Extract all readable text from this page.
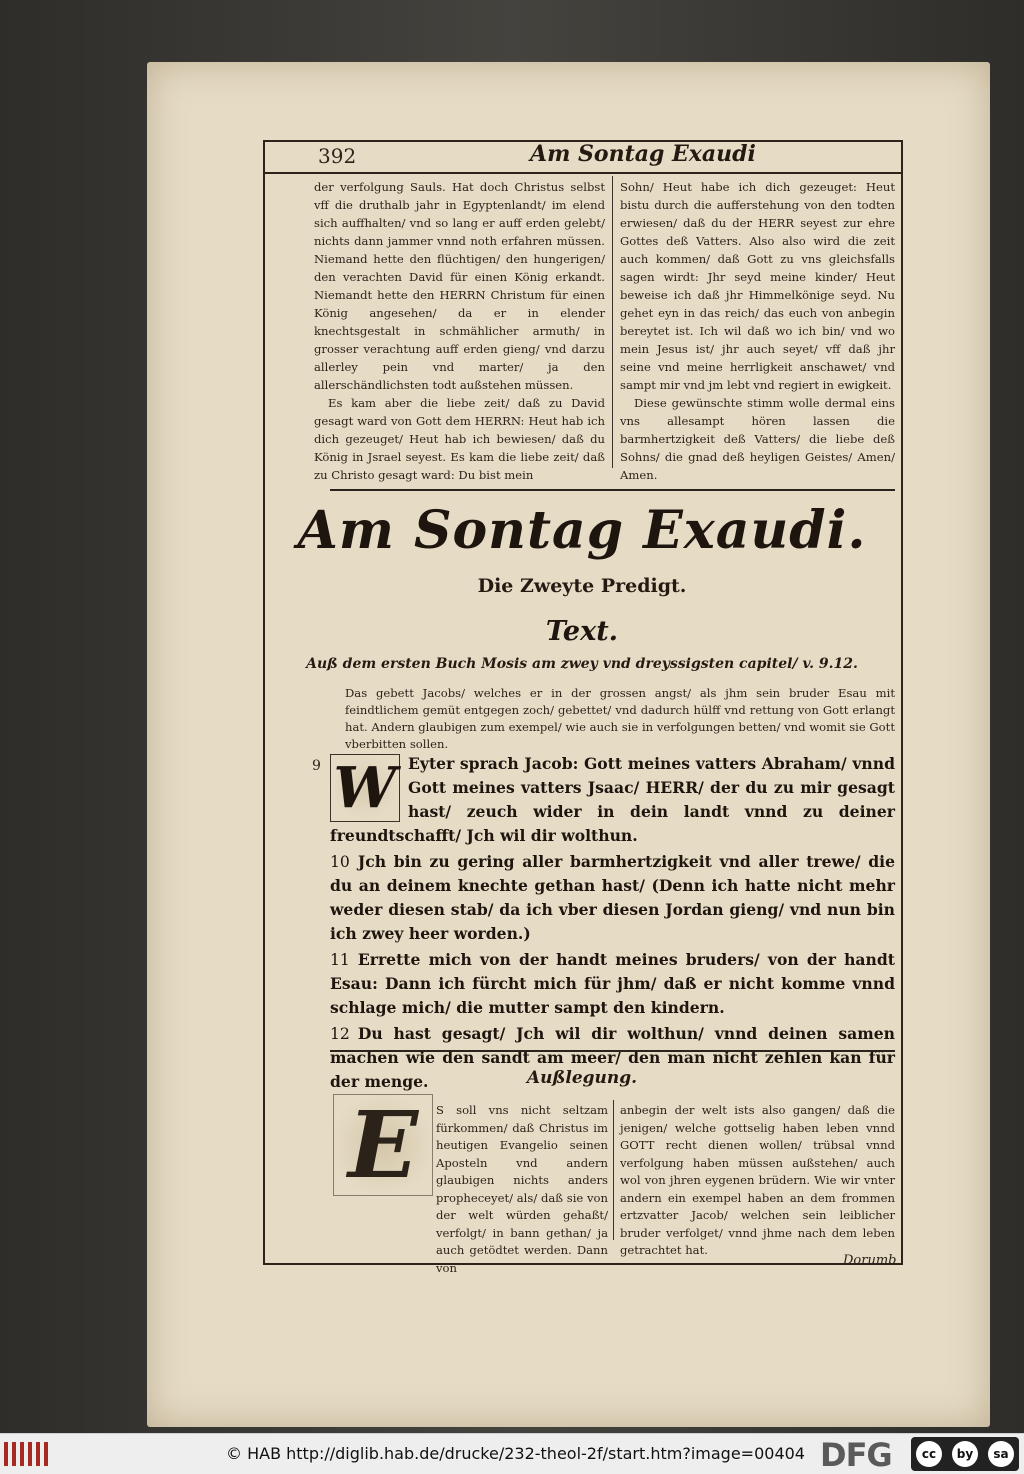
392	Am Sontag Exaudi

der verfolgung Sauls. Hat doch Christus selbst vff die druthalb jahr in Egyptenlandt/ im elend sich auffhalten/ vnd so lang er auff erden gelebt/ nichts dann jammer vnnd noth erfahren müssen. Niemand hette den flüchtigen/ den hungerigen/ den verachten David für einen König erkandt. Niemandt hette den HERRN Christum für einen König angesehen/ da er in elender knechtsgestalt in schmählicher armuth/ in grosser verachtung auff erden gieng/ vnd darzu allerley pein vnd marter/ ja den allerschändlichsten todt außstehen müssen.

Es kam aber die liebe zeit/ daß zu David gesagt ward von Gott dem HERRN: Heut hab ich dich gezeuget/ Heut hab ich bewiesen/ daß du König in Jsrael seyest. Es kam die liebe zeit/ daß zu Christo gesagt ward: Du bist mein

Sohn/ Heut habe ich dich gezeuget: Heut bistu durch die aufferstehung von den todten erwiesen/ daß du der HERR seyest zur ehre Gottes deß Vatters. Also also wird die zeit auch kommen/ daß Gott zu vns gleichsfalls sagen wirdt: Jhr seyd meine kinder/ Heut beweise ich daß jhr Himmelkönige seyd. Nu gehet eyn in das reich/ das euch von anbegin bereytet ist. Ich wil daß wo ich bin/ vnd wo mein Jesus ist/ jhr auch seyet/ vff daß jhr seine vnd meine herrligkeit anschawet/ vnd sampt mir vnd jm lebt vnd regiert in ewigkeit.

Diese gewünschte stimm wolle dermal eins vns allesampt hören lassen die barmhertzigkeit deß Vatters/ die liebe deß Sohns/ die gnad deß heyligen Geistes/ Amen/ Amen.

Am Sontag Exaudi.
Die Zweyte Predigt.
Text.
Auß dem ersten Buch Mosis am zwey vnd dreyssigsten capitel/ v. 9.12.
Das gebett Jacobs/ welches er in der grossen angst/ als jhm sein bruder Esau mit feindtlichem gemüt entgegen zoch/ gebettet/ vnd dadurch hülff vnd rettung von Gott erlangt hat. Andern glaubigen zum exempel/ wie auch sie in verfolgungen betten/ vnd womit sie Gott vberbitten sollen.
9 W Eyter sprach Jacob: Gott meines vatters Abraham/ vnnd Gott meines vatters Jsaac/ HERR/ der du zu mir gesagt hast/ zeuch wider in dein landt vnnd zu deiner freundtschafft/ Jch wil dir wolthun.

10 Jch bin zu gering aller barmhertzigkeit vnd aller trewe/ die du an deinem knechte gethan hast/ (Denn ich hatte nicht mehr weder diesen stab/ da ich vber diesen Jordan gieng/ vnd nun bin ich zwey heer worden.)

11 Errette mich von der handt meines bruders/ von der handt Esau: Dann ich fürcht mich für jhm/ daß er nicht komme vnnd schlage mich/ die mutter sampt den kindern.

12 Du hast gesagt/ Jch wil dir wolthun/ vnnd deinen samen machen wie den sandt am meer/ den man nicht zehlen kan für der menge.	Außlegung.
E	S soll vns nicht seltzam fürkommen/ daß Christus im heutigen Evangelio seinen Aposteln vnd andern glaubigen nichts anders propheceyet/ als/ daß sie von der welt würden gehaßt/ verfolgt/ in bann gethan/ ja auch getödtet werden. Dann von

anbegin der welt ists also gangen/ daß die jenigen/ welche gottselig haben leben vnnd GOTT recht dienen wollen/ trübsal vnnd verfolgung haben müssen außstehen/ auch wol von jhren eygenen brüdern. Wie wir vnter andern ein exempel haben an dem frommen ertzvatter Jacob/ welchen sein leiblicher bruder verfolget/ vnnd jhme nach dem leben getrachtet hat.

Dorumb
© HAB http://diglib.hab.de/drucke/232-theol-2f/start.htm?image=00404 DFG	cc	by	sa
